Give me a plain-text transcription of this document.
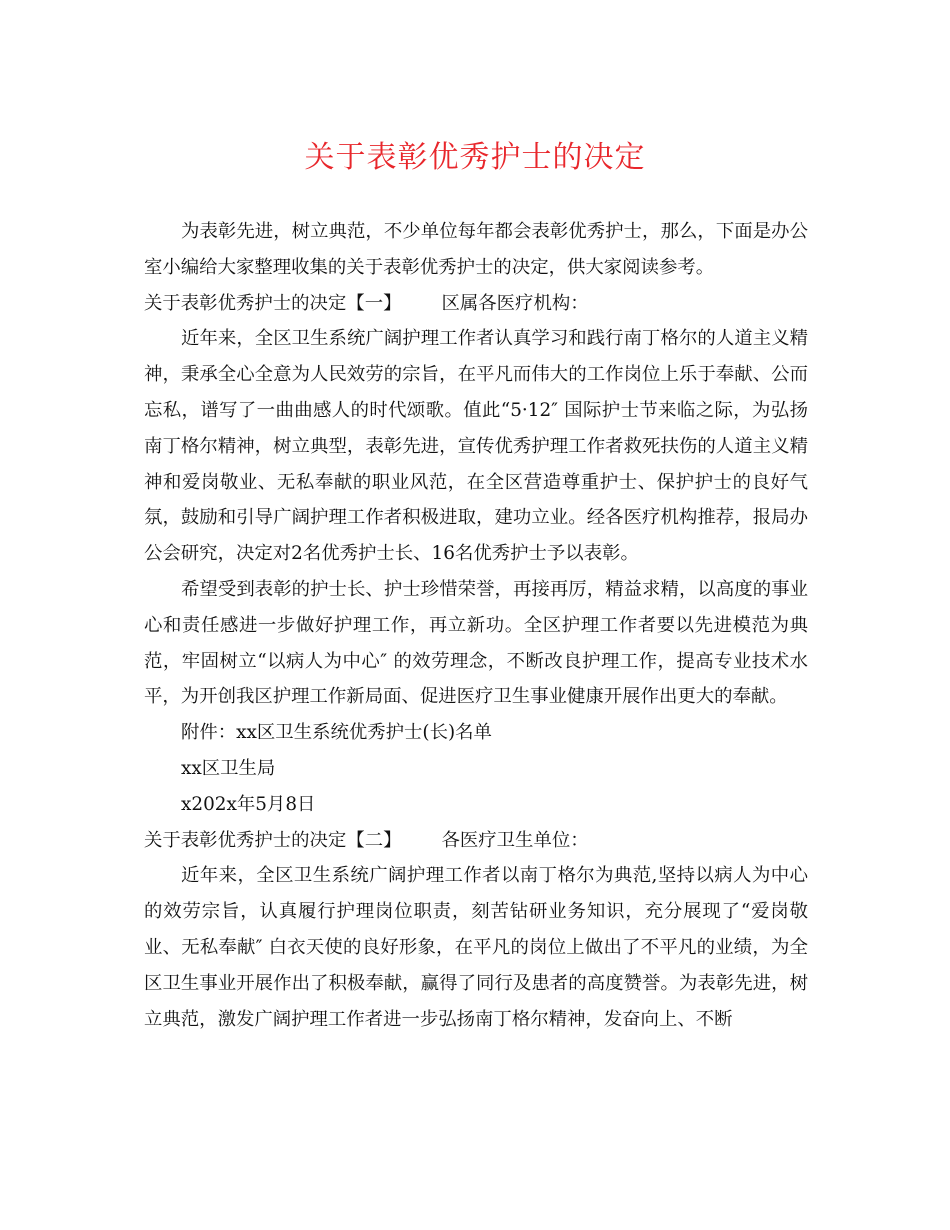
关于表彰优秀护士的决定

为表彰先进，树立典范，不少单位每年都会表彰优秀护士，那么，下面是办公室小编给大家整理收集的关于表彰优秀护士的决定，供大家阅读参考。

关于表彰优秀护士的决定【一】 区属各医疗机构：

近年来，全区卫生系统广阔护理工作者认真学习和践行南丁格尔的人道主义精神，秉承全心全意为人民效劳的宗旨，在平凡而伟大的工作岗位上乐于奉献、公而忘私，谱写了一曲曲感人的时代颂歌。值此“5·12″ 国际护士节来临之际，为弘扬南丁格尔精神，树立典型，表彰先进，宣传优秀护理工作者救死扶伤的人道主义精神和爱岗敬业、无私奉献的职业风范，在全区营造尊重护士、保护护士的良好气氛，鼓励和引导广阔护理工作者积极进取，建功立业。经各医疗机构推荐，报局办公会研究，决定对2名优秀护士长、16名优秀护士予以表彰。

希望受到表彰的护士长、护士珍惜荣誉，再接再厉，精益求精，以高度的事业心和责任感进一步做好护理工作，再立新功。全区护理工作者要以先进模范为典范，牢固树立“以病人为中心″ 的效劳理念，不断改良护理工作，提高专业技术水平，为开创我区护理工作新局面、促进医疗卫生事业健康开展作出更大的奉献。

附件：xx区卫生系统优秀护士(长)名单

xx区卫生局

x202x年5月8日

关于表彰优秀护士的决定【二】 各医疗卫生单位：

近年来，全区卫生系统广阔护理工作者以南丁格尔为典范,坚持以病人为中心的效劳宗旨，认真履行护理岗位职责，刻苦钻研业务知识，充分展现了“爱岗敬业、无私奉献″ 白衣天使的良好形象，在平凡的岗位上做出了不平凡的业绩，为全区卫生事业开展作出了积极奉献，赢得了同行及患者的高度赞誉。为表彰先进，树立典范，激发广阔护理工作者进一步弘扬南丁格尔精神，发奋向上、不断
